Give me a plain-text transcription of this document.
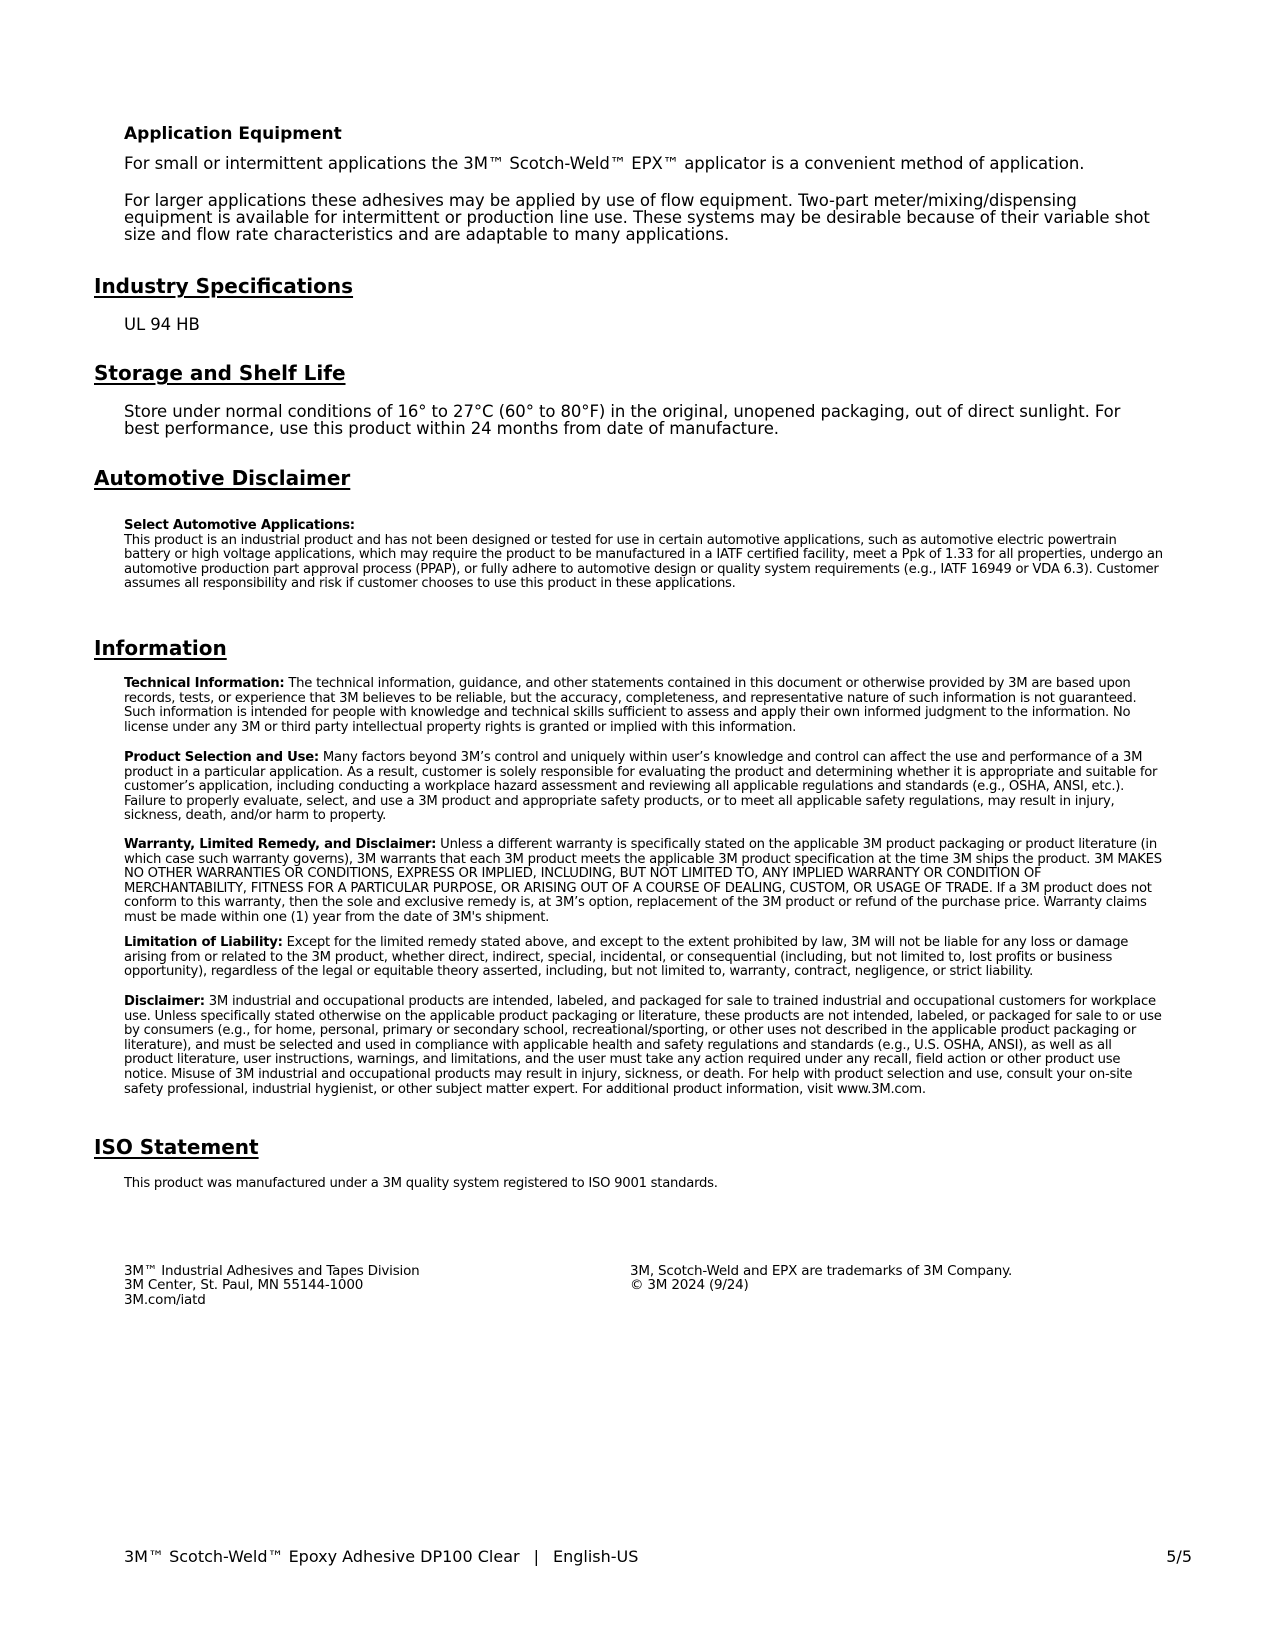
Application Equipment
For small or intermittent applications the 3M™ Scotch-Weld™ EPX™ applicator is a convenient method of application.
For larger applications these adhesives may be applied by use of flow equipment. Two-part meter/mixing/dispensing equipment is available for intermittent or production line use. These systems may be desirable because of their variable shot size and flow rate characteristics and are adaptable to many applications.
Industry Specifications
UL 94 HB
Storage and Shelf Life
Store under normal conditions of 16° to 27°C (60° to 80°F) in the original, unopened packaging, out of direct sunlight. For best performance, use this product within 24 months from date of manufacture.
Automotive Disclaimer
Select Automotive Applications:
This product is an industrial product and has not been designed or tested for use in certain automotive applications, such as automotive electric powertrain battery or high voltage applications, which may require the product to be manufactured in a IATF certified facility, meet a Ppk of 1.33 for all properties, undergo an automotive production part approval process (PPAP), or fully adhere to automotive design or quality system requirements (e.g., IATF 16949 or VDA 6.3). Customer assumes all responsibility and risk if customer chooses to use this product in these applications.
Information
Technical Information: The technical information, guidance, and other statements contained in this document or otherwise provided by 3M are based upon records, tests, or experience that 3M believes to be reliable, but the accuracy, completeness, and representative nature of such information is not guaranteed. Such information is intended for people with knowledge and technical skills sufficient to assess and apply their own informed judgment to the information. No license under any 3M or third party intellectual property rights is granted or implied with this information.
Product Selection and Use: Many factors beyond 3M’s control and uniquely within user’s knowledge and control can affect the use and performance of a 3M product in a particular application. As a result, customer is solely responsible for evaluating the product and determining whether it is appropriate and suitable for customer’s application, including conducting a workplace hazard assessment and reviewing all applicable regulations and standards (e.g., OSHA, ANSI, etc.). Failure to properly evaluate, select, and use a 3M product and appropriate safety products, or to meet all applicable safety regulations, may result in injury, sickness, death, and/or harm to property.
Warranty, Limited Remedy, and Disclaimer: Unless a different warranty is specifically stated on the applicable 3M product packaging or product literature (in which case such warranty governs), 3M warrants that each 3M product meets the applicable 3M product specification at the time 3M ships the product. 3M MAKES NO OTHER WARRANTIES OR CONDITIONS, EXPRESS OR IMPLIED, INCLUDING, BUT NOT LIMITED TO, ANY IMPLIED WARRANTY OR CONDITION OF MERCHANTABILITY, FITNESS FOR A PARTICULAR PURPOSE, OR ARISING OUT OF A COURSE OF DEALING, CUSTOM, OR USAGE OF TRADE. If a 3M product does not conform to this warranty, then the sole and exclusive remedy is, at 3M’s option, replacement of the 3M product or refund of the purchase price. Warranty claims must be made within one (1) year from the date of 3M's shipment.
Limitation of Liability: Except for the limited remedy stated above, and except to the extent prohibited by law, 3M will not be liable for any loss or damage arising from or related to the 3M product, whether direct, indirect, special, incidental, or consequential (including, but not limited to, lost profits or business opportunity), regardless of the legal or equitable theory asserted, including, but not limited to, warranty, contract, negligence, or strict liability.
Disclaimer: 3M industrial and occupational products are intended, labeled, and packaged for sale to trained industrial and occupational customers for workplace use. Unless specifically stated otherwise on the applicable product packaging or literature, these products are not intended, labeled, or packaged for sale to or use by consumers (e.g., for home, personal, primary or secondary school, recreational/sporting, or other uses not described in the applicable product packaging or literature), and must be selected and used in compliance with applicable health and safety regulations and standards (e.g., U.S. OSHA, ANSI), as well as all product literature, user instructions, warnings, and limitations, and the user must take any action required under any recall, field action or other product use notice. Misuse of 3M industrial and occupational products may result in injury, sickness, or death. For help with product selection and use, consult your on-site safety professional, industrial hygienist, or other subject matter expert. For additional product information, visit www.3M.com.
ISO Statement
This product was manufactured under a 3M quality system registered to ISO 9001 standards.
3M™ Industrial Adhesives and Tapes Division
3M Center, St. Paul, MN 55144-1000
3M.com/iatd
3M, Scotch-Weld and EPX are trademarks of 3M Company.
© 3M 2024 (9/24)
3M™ Scotch-Weld™ Epoxy Adhesive DP100 Clear | English-US	5/5
